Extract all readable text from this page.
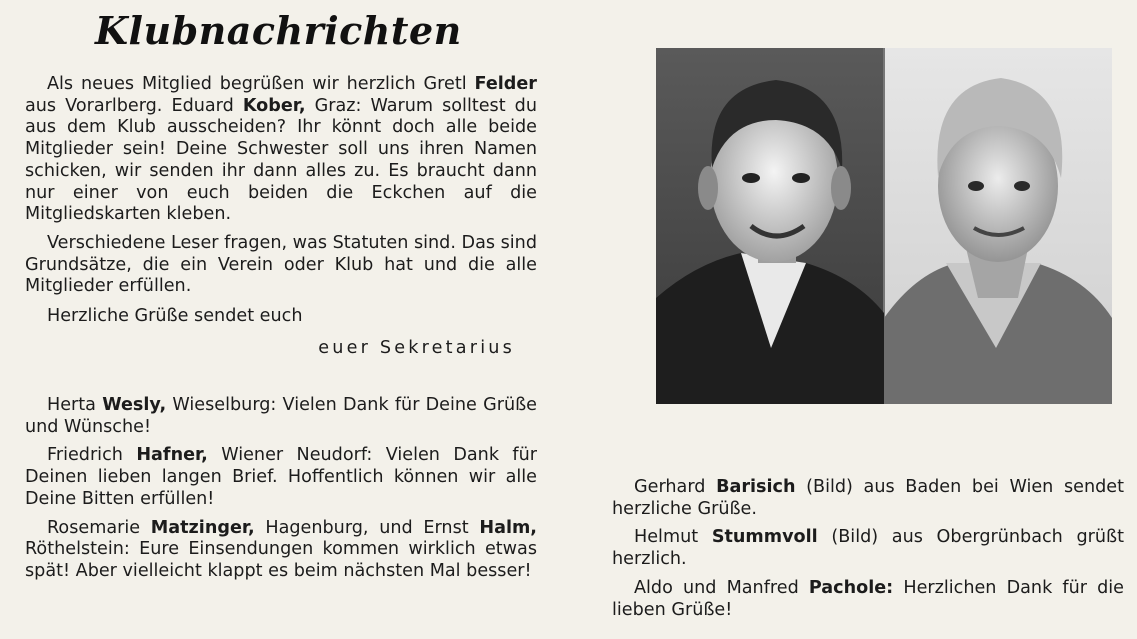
Klubnachrichten

Als neues Mitglied begrüßen wir herzlich Gretl Felder aus Vorarlberg. Eduard Kober, Graz: Warum solltest du aus dem Klub ausscheiden? Ihr könnt doch alle beide Mitglieder sein! Deine Schwester soll uns ihren Namen schicken, wir senden ihr dann alles zu. Es braucht dann nur einer von euch beiden die Eckchen auf die Mitgliedskarten kleben.

Verschiedene Leser fragen, was Statuten sind. Das sind Grundsätze, die ein Verein oder Klub hat und die alle Mitglieder erfüllen.

Herzliche Grüße sendet euch
euer Sekretarius

Herta Wesly, Wieselburg: Vielen Dank für Deine Grüße und Wünsche!

Friedrich Hafner, Wiener Neudorf: Vielen Dank für Deinen lieben langen Brief. Hoffentlich können wir alle Deine Bitten erfüllen!

Rosemarie Matzinger, Hagenburg, und Ernst Halm, Röthelstein: Eure Einsendungen kommen wirklich etwas spät! Aber vielleicht klappt es beim nächsten Mal besser!

Gerhard Barisich (Bild) aus Baden bei Wien sendet herzliche Grüße.

Helmut Stummvoll (Bild) aus Obergrünbach grüßt herzlich.

Aldo und Manfred Pachole: Herzlichen Dank für die lieben Grüße!
